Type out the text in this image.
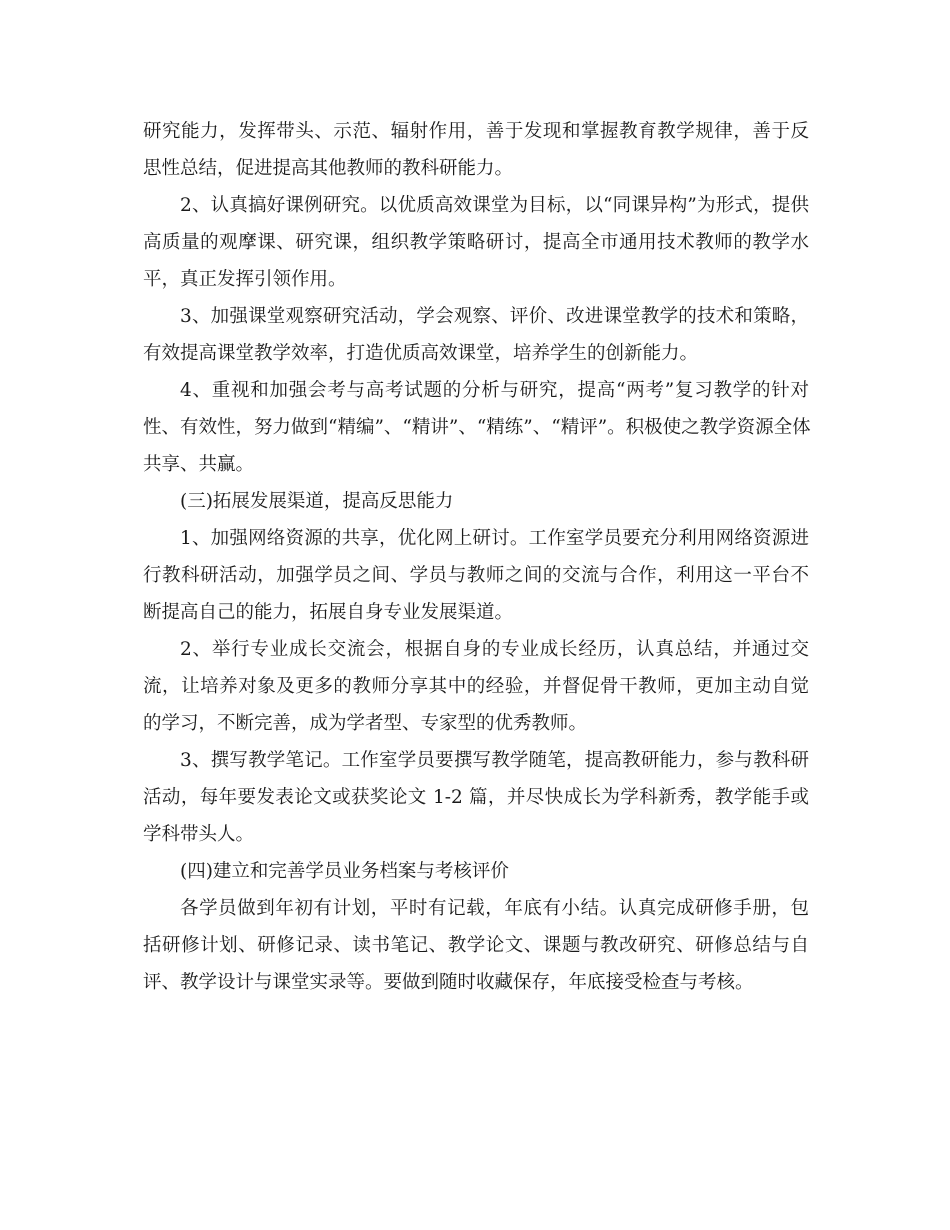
研究能力，发挥带头、示范、辐射作用，善于发现和掌握教育教学规律，善于反
思性总结，促进提高其他教师的教科研能力。

2、认真搞好课例研究。以优质高效课堂为目标，以“同课异构”为形式，提供
高质量的观摩课、研究课，组织教学策略研讨，提高全市通用技术教师的教学水
平，真正发挥引领作用。

3、加强课堂观察研究活动，学会观察、评价、改进课堂教学的技术和策略，
有效提高课堂教学效率，打造优质高效课堂，培养学生的创新能力。

4、重视和加强会考与高考试题的分析与研究，提高“两考”复习教学的针对
性、有效性，努力做到“精编”、“精讲”、“精练”、“精评”。积极使之教学资源全体
共享、共赢。

(三)拓展发展渠道，提高反思能力

1、加强网络资源的共享，优化网上研讨。工作室学员要充分利用网络资源进
行教科研活动，加强学员之间、学员与教师之间的交流与合作，利用这一平台不
断提高自己的能力，拓展自身专业发展渠道。

2、举行专业成长交流会，根据自身的专业成长经历，认真总结，并通过交
流，让培养对象及更多的教师分享其中的经验，并督促骨干教师，更加主动自觉
的学习，不断完善，成为学者型、专家型的优秀教师。

3、撰写教学笔记。工作室学员要撰写教学随笔，提高教研能力，参与教科研
活动，每年要发表论文或获奖论文 1-2 篇，并尽快成长为学科新秀，教学能手或
学科带头人。

(四)建立和完善学员业务档案与考核评价

各学员做到年初有计划，平时有记载，年底有小结。认真完成研修手册，包
括研修计划、研修记录、读书笔记、教学论文、课题与教改研究、研修总结与自
评、教学设计与课堂实录等。要做到随时收藏保存，年底接受检查与考核。
